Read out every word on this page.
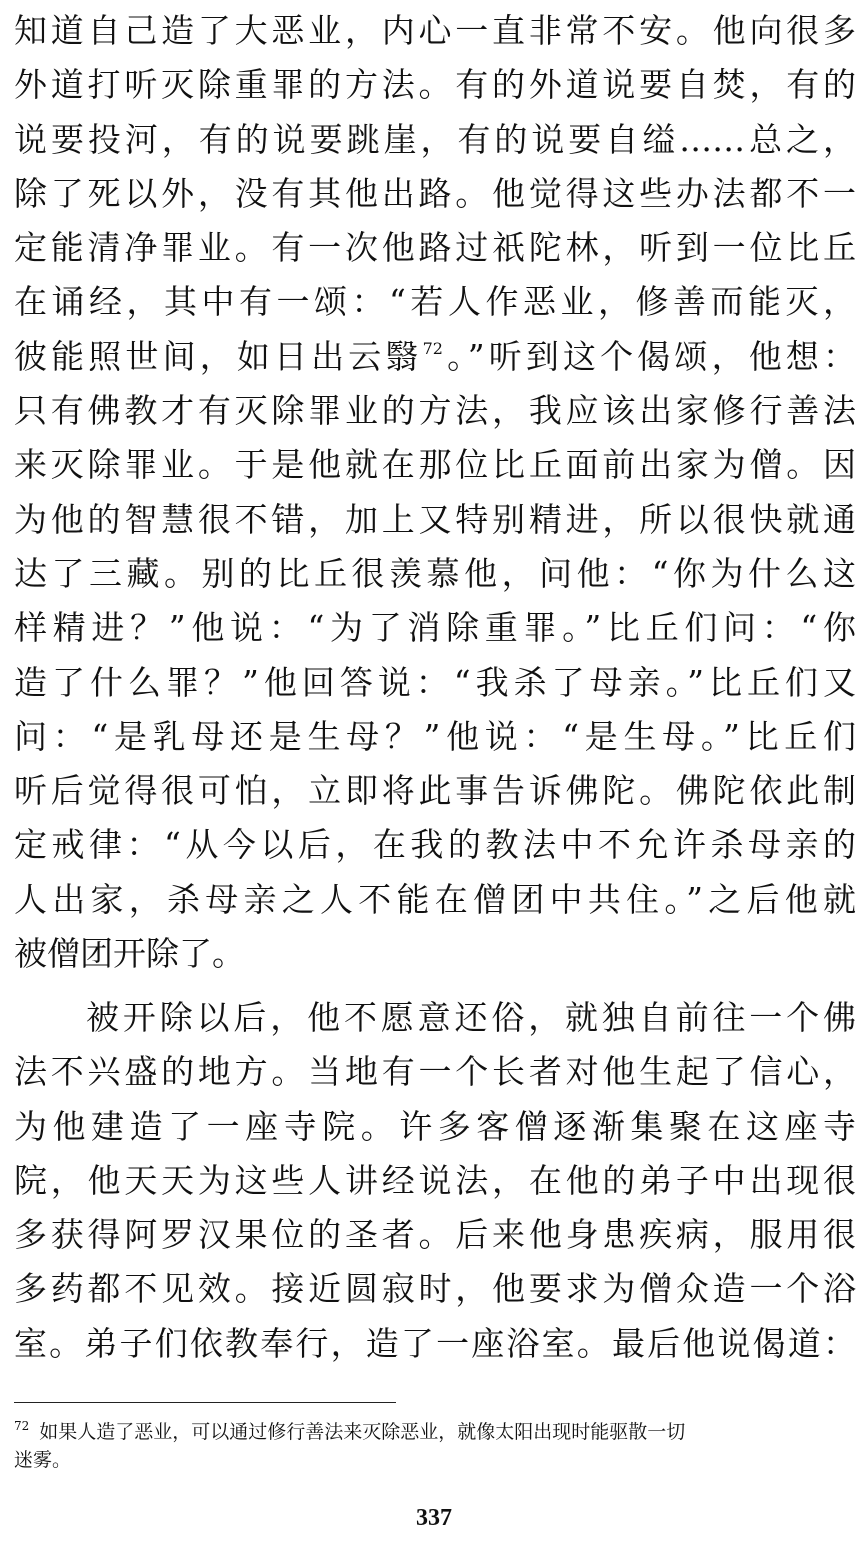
知道自己造了大恶业，内心一直非常不安。他向很多
外道打听灭除重罪的方法。有的外道说要自焚，有的
说要投河，有的说要跳崖，有的说要自缢……总之，
除了死以外，没有其他出路。他觉得这些办法都不一
定能清净罪业。有一次他路过祇陀林，听到一位比丘
在诵经，其中有一颂：“若人作恶业，修善而能灭，
彼能照世间，如日出云翳$^{72}$。”听到这个偈颂，他想：
只有佛教才有灭除罪业的方法，我应该出家修行善法
来灭除罪业。于是他就在那位比丘面前出家为僧。因
为他的智慧很不错，加上又特别精进，所以很快就通
达了三藏。别的比丘很羡慕他，问他：“你为什么这
样精进？”他说：“为了消除重罪。”比丘们问：“你
造了什么罪？”他回答说：“我杀了母亲。”比丘们又
问：“是乳母还是生母？”他说：“是生母。”比丘们
听后觉得很可怕，立即将此事告诉佛陀。佛陀依此制
定戒律：“从今以后，在我的教法中不允许杀母亲的
人出家，杀母亲之人不能在僧团中共住。”之后他就
被僧团开除了。
被开除以后，他不愿意还俗，就独自前往一个佛
法不兴盛的地方。当地有一个长者对他生起了信心，
为他建造了一座寺院。许多客僧逐渐集聚在这座寺
院，他天天为这些人讲经说法，在他的弟子中出现很
多获得阿罗汉果位的圣者。后来他身患疾病，服用很
多药都不见效。接近圆寂时，他要求为僧众造一个浴
室。弟子们依教奉行，造了一座浴室。最后他说偈道：
$^{72}$ 如果人造了恶业，可以通过修行善法来灭除恶业，就像太阳出现时能驱散一切
迷雾。
337
